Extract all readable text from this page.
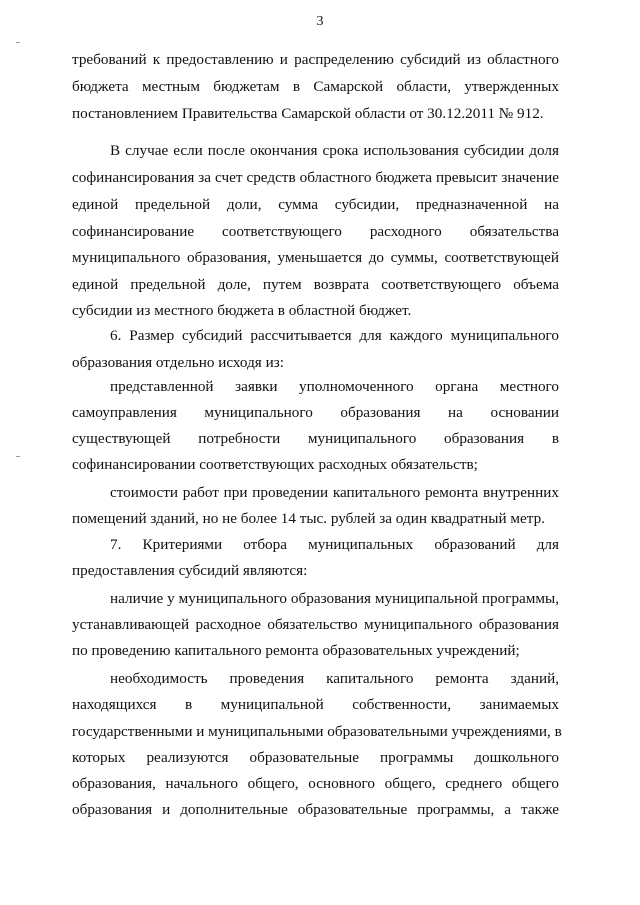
3
требований к предоставлению и распределению субсидий из областного
бюджета местным бюджетам в Самарской области, утвержденных
постановлением Правительства Самарской области от 30.12.2011 № 912.
В случае если после окончания срока использования субсидии доля
софинансирования за счет средств областного бюджета превысит значение
единой предельной доли, сумма субсидии, предназначенной на
софинансирование соответствующего расходного обязательства
муниципального образования, уменьшается до суммы, соответствующей
единой предельной доле, путем возврата соответствующего объема
субсидии из местного бюджета в областной бюджет.
6. Размер субсидий рассчитывается для каждого муниципального
образования отдельно исходя из:
представленной заявки уполномоченного органа местного
самоуправления муниципального образования на основании
существующей потребности муниципального образования в
софинансировании соответствующих расходных обязательств;
стоимости работ при проведении капитального ремонта внутренних
помещений зданий, но не более 14 тыс. рублей за один квадратный метр.
7. Критериями отбора муниципальных образований для
предоставления субсидий являются:
наличие у муниципального образования муниципальной программы,
устанавливающей расходное обязательство муниципального образования
по проведению капитального ремонта образовательных учреждений;
необходимость проведения капитального ремонта зданий,
находящихся в муниципальной собственности, занимаемых
государственными и муниципальными образовательными учреждениями, в
которых реализуются образовательные программы дошкольного
образования, начального общего, основного общего, среднего общего
образования и дополнительные образовательные программы, а также
